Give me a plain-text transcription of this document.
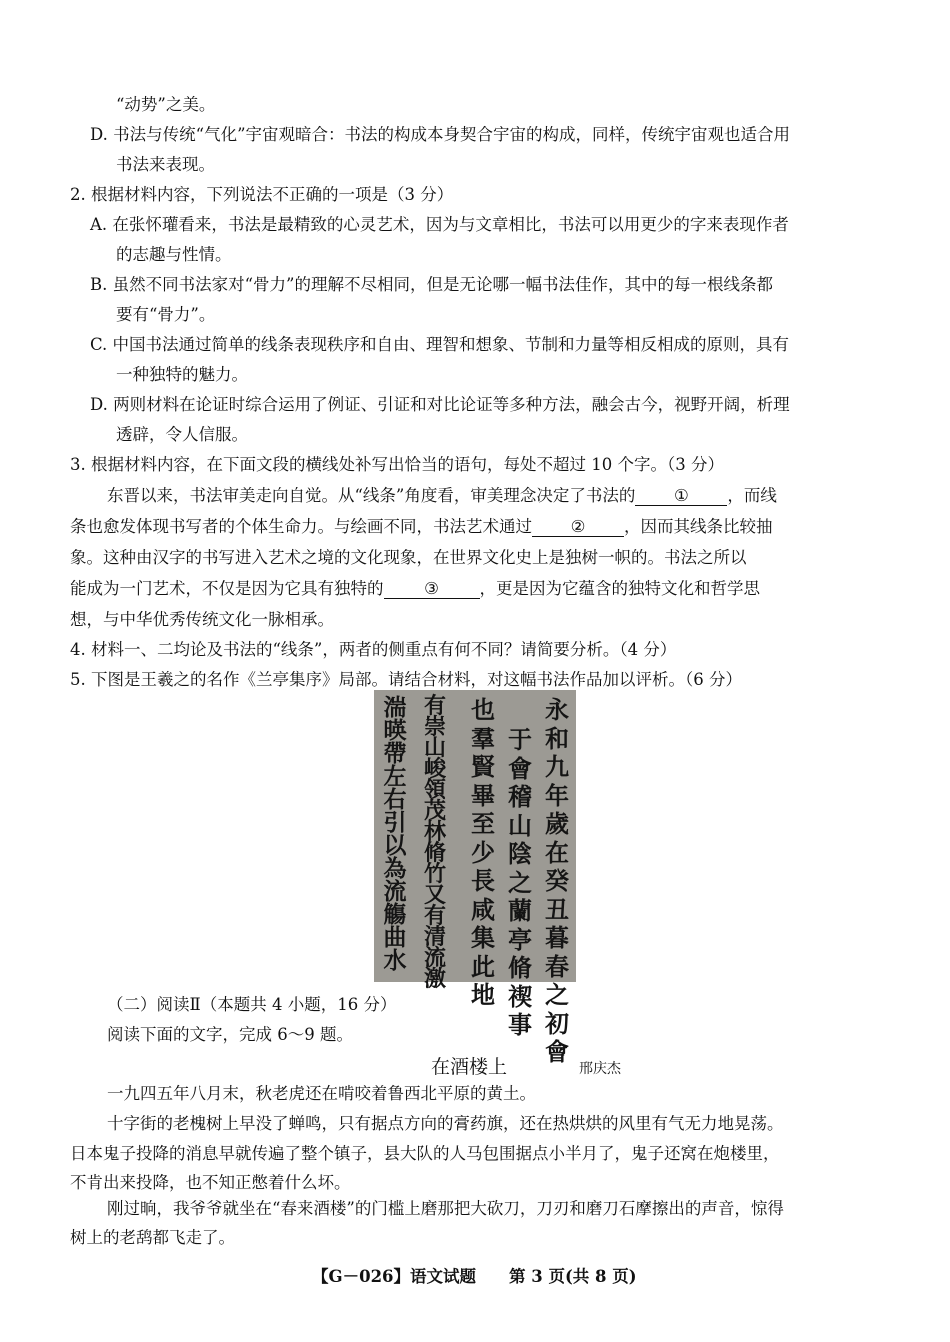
“动势”之美。
D. 书法与传统“气化”宇宙观暗合：书法的构成本身契合宇宙的构成，同样，传统宇宙观也适合用
书法来表现。
2. 根据材料内容，下列说法不正确的一项是（3 分）
A. 在张怀瓘看来，书法是最精致的心灵艺术，因为与文章相比，书法可以用更少的字来表现作者
的志趣与性情。
B. 虽然不同书法家对“骨力”的理解不尽相同，但是无论哪一幅书法佳作，其中的每一根线条都
要有“骨力”。
C. 中国书法通过简单的线条表现秩序和自由、理智和想象、节制和力量等相反相成的原则，具有
一种独特的魅力。
D. 两则材料在论证时综合运用了例证、引证和对比论证等多种方法，融会古今，视野开阔，析理
透辟，令人信服。
3. 根据材料内容，在下面文段的横线处补写出恰当的语句，每处不超过 10 个字。（3 分）
东晋以来，书法审美走向自觉。从“线条”角度看，审美理念决定了书法的 ① ，而线
条也愈发体现书写者的个体生命力。与绘画不同，书法艺术通过 ② ，因而其线条比较抽
象。这种由汉字的书写进入艺术之境的文化现象，在世界文化史上是独树一帜的。书法之所以
能成为一门艺术，不仅是因为它具有独特的 ③ ，更是因为它蕴含的独特文化和哲学思
想，与中华优秀传统文化一脉相承。
4. 材料一、二均论及书法的“线条”，两者的侧重点有何不同？请简要分析。（4 分）
5. 下图是王羲之的名作《兰亭集序》局部。请结合材料，对这幅书法作品加以评析。（6 分）
永和九年歲在癸丑暮春之初會
于會稽山陰之蘭亭脩禊事
也羣賢畢至少長咸集此地
有崇山峻領茂林脩竹又有清流激
湍暎帶左右引以為流觴曲水
（二）阅读Ⅱ（本题共 4 小题，16 分）
阅读下面的文字，完成 6～9 题。
在酒楼上	邢庆杰
一九四五年八月末，秋老虎还在啃咬着鲁西北平原的黄土。
十字街的老槐树上早没了蝉鸣，只有据点方向的膏药旗，还在热烘烘的风里有气无力地晃荡。
日本鬼子投降的消息早就传遍了整个镇子，县大队的人马包围据点小半月了，鬼子还窝在炮楼里，
不肯出来投降，也不知正憋着什么坏。
刚过晌，我爷爷就坐在“春来酒楼”的门槛上磨那把大砍刀，刀刃和磨刀石摩擦出的声音，惊得
树上的老鸹都飞走了。
【G－026】语文试题　　第 3 页(共 8 页)
